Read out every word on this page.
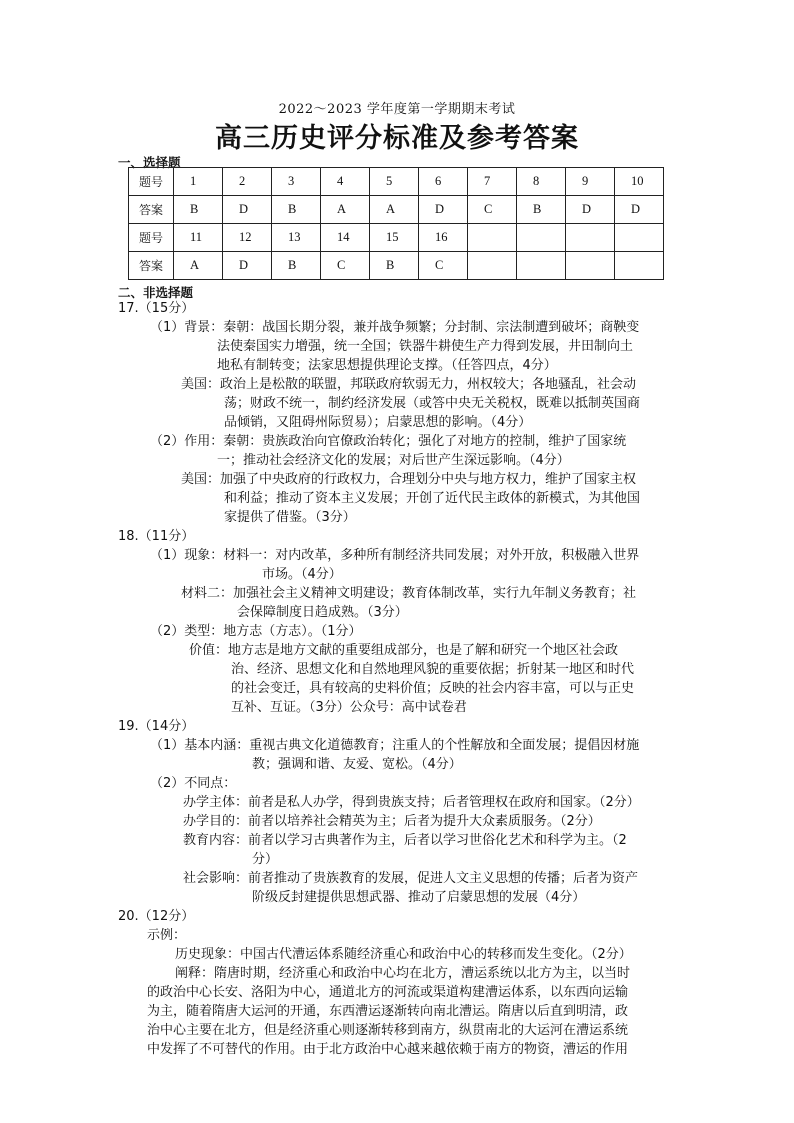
2022～2023 学年度第一学期期末考试
高三历史评分标准及参考答案
一、选择题
题号	1	2	3	4	5	6	7	8	9	10
答案	B	D	B	A	A	D	C	B	D	D
题号	11	12	13	14	15	16				
答案	A	D	B	C	B	C				
二、非选择题
17.（15分）
（1）背景：秦朝：战国长期分裂，兼并战争频繁；分封制、宗法制遭到破坏；商鞅变
法使秦国实力增强，统一全国；铁器牛耕使生产力得到发展，井田制向土
地私有制转变；法家思想提供理论支撑。（任答四点，4分）
美国：政治上是松散的联盟，邦联政府软弱无力，州权较大；各地骚乱，社会动
荡；财政不统一，制约经济发展（或答中央无关税权，既难以抵制英国商
品倾销，又阻碍州际贸易）；启蒙思想的影响。（4分）
（2）作用：秦朝：贵族政治向官僚政治转化；强化了对地方的控制，维护了国家统
一；推动社会经济文化的发展；对后世产生深远影响。（4分）
美国：加强了中央政府的行政权力，合理划分中央与地方权力，维护了国家主权
和利益；推动了资本主义发展；开创了近代民主政体的新模式，为其他国
家提供了借鉴。（3分）
18.（11分）
（1）现象：材料一：对内改革，多种所有制经济共同发展；对外开放，积极融入世界
市场。（4分）
材料二：加强社会主义精神文明建设；教育体制改革，实行九年制义务教育；社
会保障制度日趋成熟。（3分）
（2）类型：地方志（方志）。（1分）
价值：地方志是地方文献的重要组成部分，也是了解和研究一个地区社会政
治、经济、思想文化和自然地理风貌的重要依据；折射某一地区和时代
的社会变迁，具有较高的史料价值；反映的社会内容丰富，可以与正史
互补、互证。（3分）公众号：高中试卷君
19.（14分）
（1）基本内涵：重视古典文化道德教育；注重人的个性解放和全面发展；提倡因材施
教；强调和谐、友爱、宽松。（4分）
（2）不同点：
办学主体：前者是私人办学，得到贵族支持；后者管理权在政府和国家。（2分）
办学目的：前者以培养社会精英为主；后者为提升大众素质服务。（2分）
教育内容：前者以学习古典著作为主，后者以学习世俗化艺术和科学为主。（2
分）
社会影响：前者推动了贵族教育的发展，促进人文主义思想的传播；后者为资产
阶级反封建提供思想武器、推动了启蒙思想的发展（4分）
20.（12分）
示例：
历史现象：中国古代漕运体系随经济重心和政治中心的转移而发生变化。（2分）
阐释：隋唐时期，经济重心和政治中心均在北方，漕运系统以北方为主，以当时
的政治中心长安、洛阳为中心，通道北方的河流或渠道构建漕运体系，以东西向运输
为主，随着隋唐大运河的开通，东西漕运逐渐转向南北漕运。隋唐以后直到明清，政
治中心主要在北方，但是经济重心则逐渐转移到南方，纵贯南北的大运河在漕运系统
中发挥了不可替代的作用。由于北方政治中心越来越依赖于南方的物资，漕运的作用
